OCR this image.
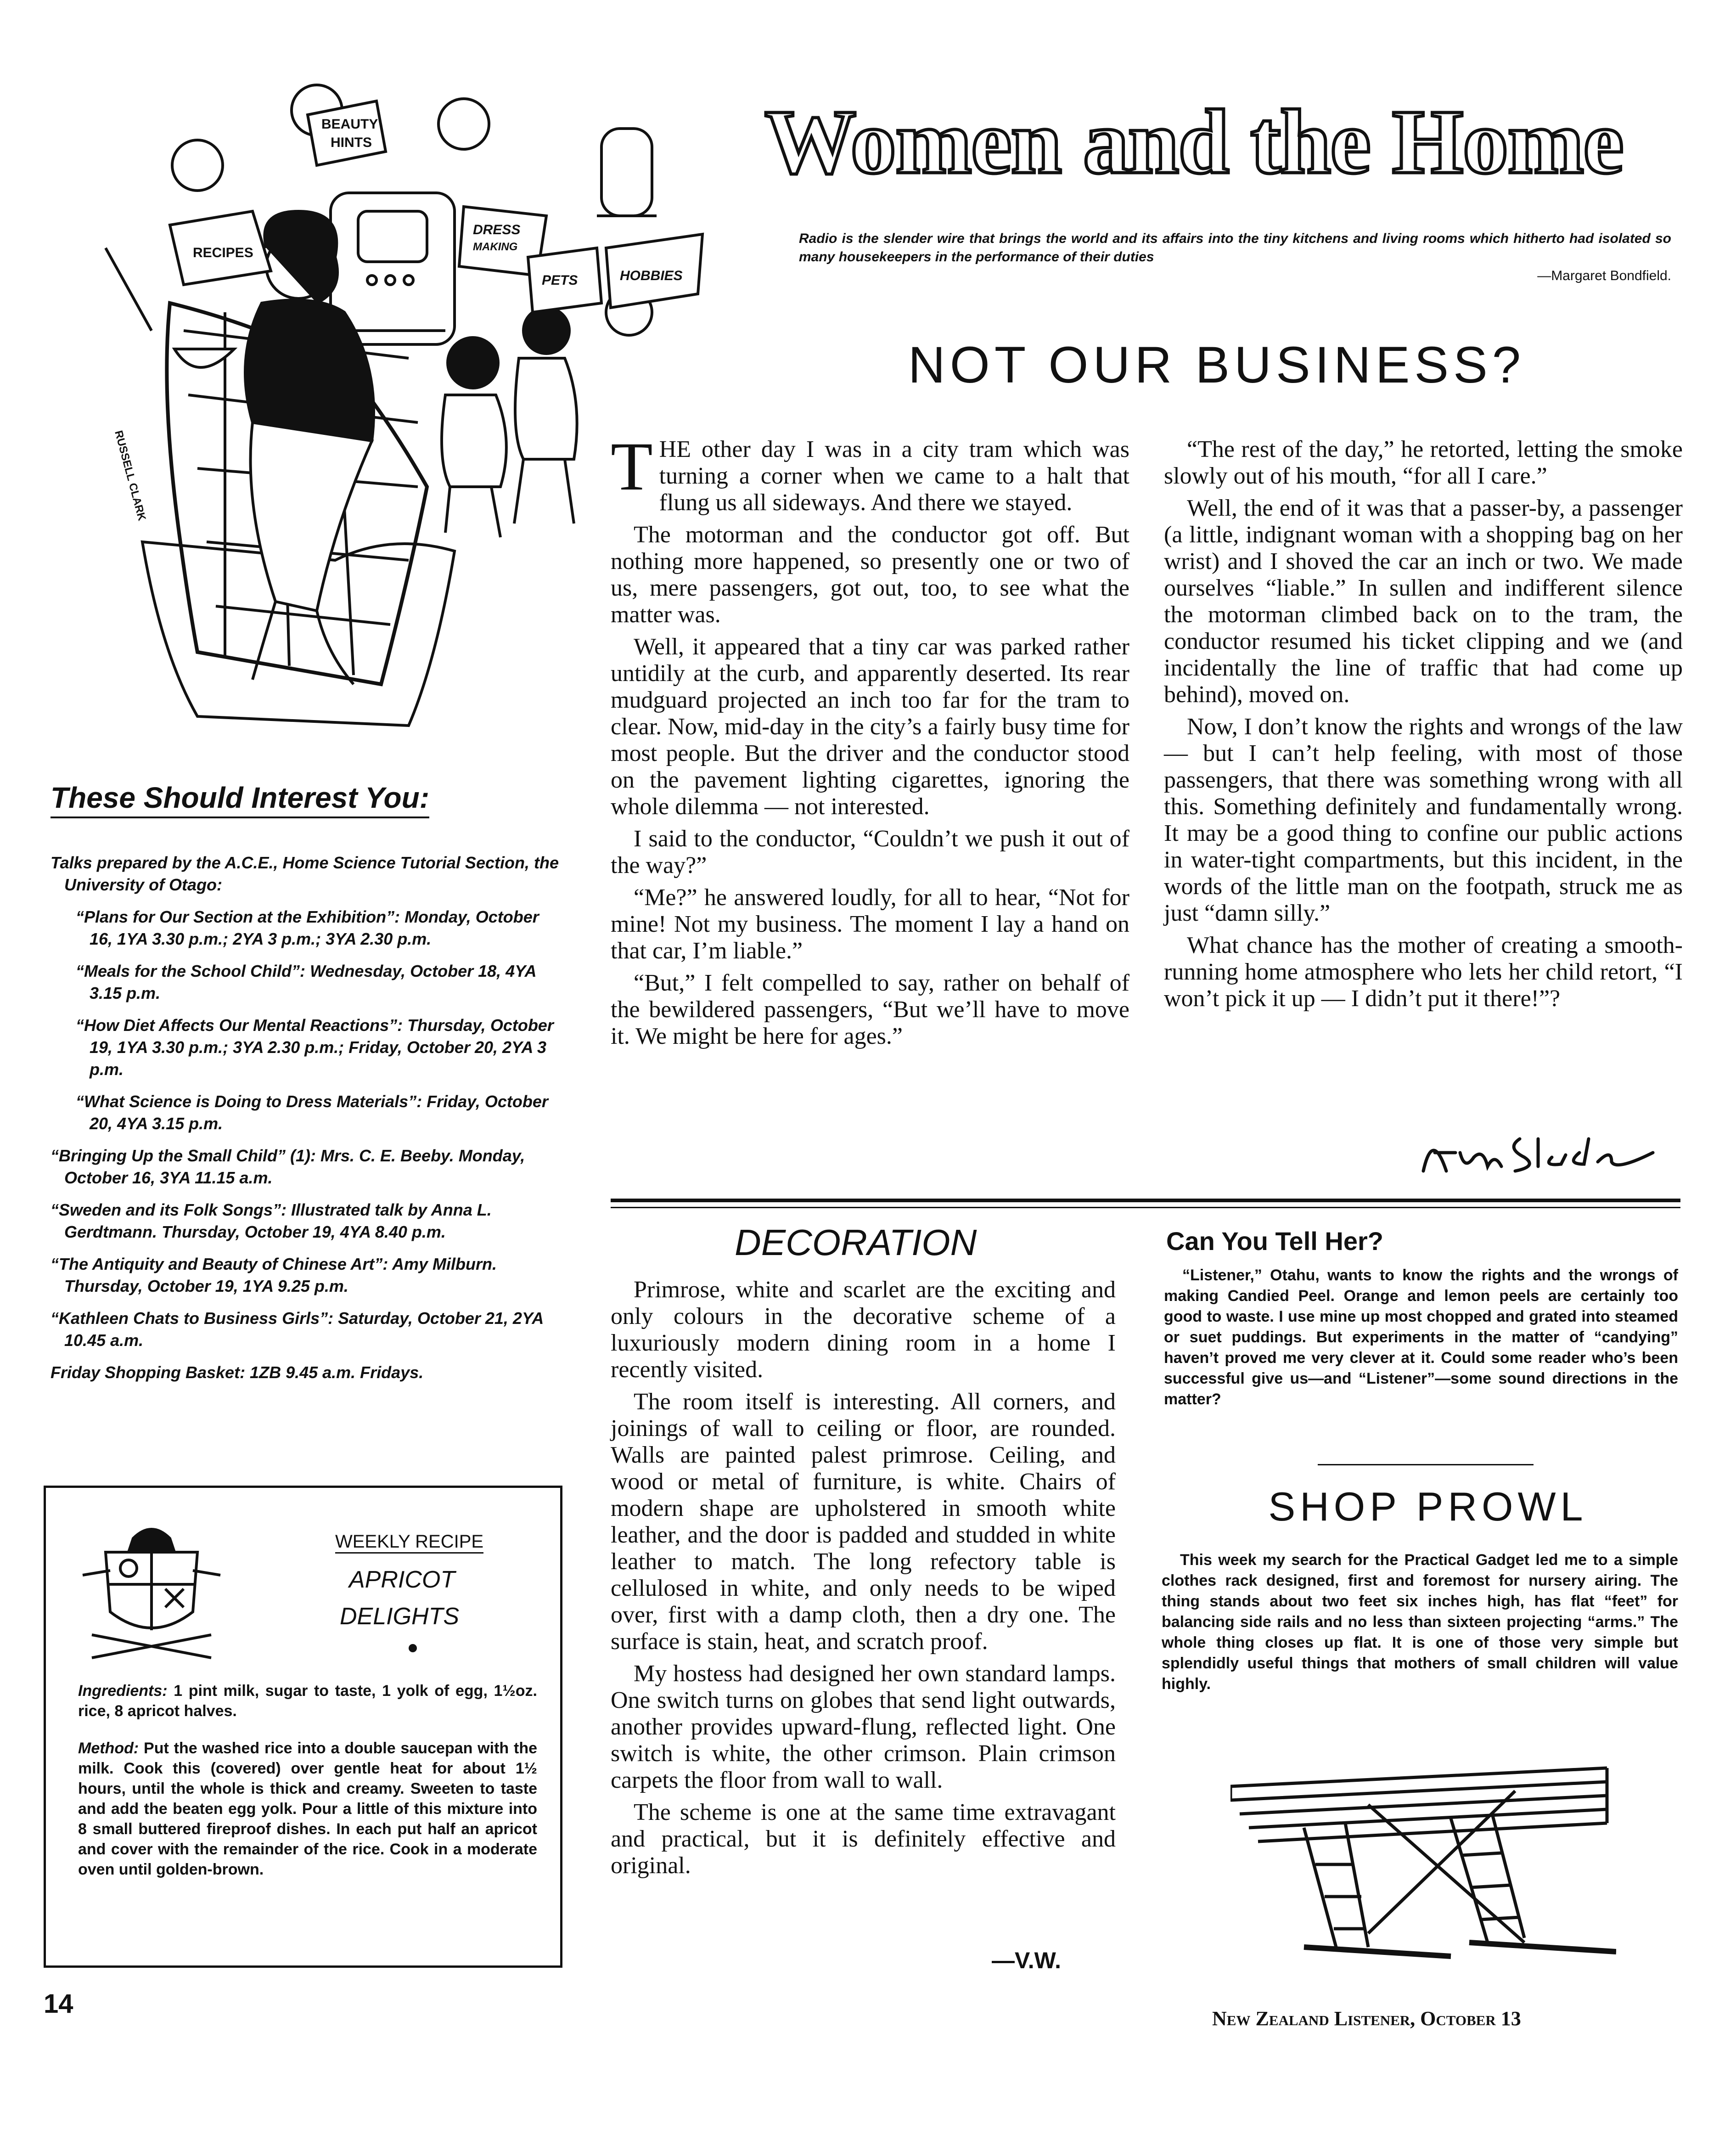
BEAUTY
HINTS
RECIPES
DRESS
MAKING
PETS	HOBBIES
RUSSELL CLARK
Women and the Home
Radio is the slender wire that brings the world and its affairs into the tiny kitchens and living rooms which hitherto had isolated so many housekeepers in the performance of their duties
—Margaret Bondfield.
NOT OUR BUSINESS?

THE other day I was in a city tram which was turning a corner when we came to a halt that flung us all sideways. And there we stayed.

The motorman and the conductor got off. But nothing more happened, so presently one or two of us, mere passengers, got out, too, to see what the matter was.

Well, it appeared that a tiny car was parked rather untidily at the curb, and apparently deserted. Its rear mudguard projected an inch too far for the tram to clear. Now, mid-day in the city’s a fairly busy time for most people. But the driver and the conductor stood on the pavement lighting cigarettes, ignoring the whole dilemma — not interested.

I said to the conductor, “Couldn’t we push it out of the way?”

“Me?” he answered loudly, for all to hear, “Not for mine! Not my business. The moment I lay a hand on that car, I’m liable.”

“But,” I felt compelled to say, rather on behalf of the bewildered passengers, “But we’ll have to move it. We might be here for ages.”

“The rest of the day,” he retorted, letting the smoke slowly out of his mouth, “for all I care.”

Well, the end of it was that a passer-by, a passenger (a little, indignant woman with a shopping bag on her wrist) and I shoved the car an inch or two. We made ourselves “liable.” In sullen and indifferent silence the motorman climbed back on to the tram, the conductor resumed his ticket clipping and we (and incidentally the line of traffic that had come up behind), moved on.

Now, I don’t know the rights and wrongs of the law — but I can’t help feeling, with most of those passengers, that there was something wrong with all this. Something definitely and fundamentally wrong. It may be a good thing to confine our public actions in water-tight compartments, but this incident, in the words of the little man on the footpath, struck me as just “damn silly.”

What chance has the mother of creating a smooth-running home atmosphere who lets her child retort, “I won’t pick it up — I didn’t put it there!”?

These Should Interest You:
Talks prepared by the A.C.E., Home Science Tutorial Section, the University of Otago:
“Plans for Our Section at the Exhibition”: Monday, October 16, 1YA 3.30 p.m.; 2YA 3 p.m.; 3YA 2.30 p.m.
“Meals for the School Child”: Wednesday, October 18, 4YA 3.15 p.m.
“How Diet Affects Our Mental Reactions”: Thursday, October 19, 1YA 3.30 p.m.; 3YA 2.30 p.m.; Friday, October 20, 2YA 3 p.m.
“What Science is Doing to Dress Materials”: Friday, October 20, 4YA 3.15 p.m.
“Bringing Up the Small Child” (1): Mrs. C. E. Beeby. Monday, October 16, 3YA 11.15 a.m.
“Sweden and its Folk Songs”: Illustrated talk by Anna L. Gerdtmann. Thursday, October 19, 4YA 8.40 p.m.
“The Antiquity and Beauty of Chinese Art”: Amy Milburn. Thursday, October 19, 1YA 9.25 p.m.
“Kathleen Chats to Business Girls”: Saturday, October 21, 2YA 10.45 a.m.
Friday Shopping Basket: 1ZB 9.45 a.m. Fridays.
WEEKLY RECIPE
APRICOT
DELIGHTS
Ingredients: 1 pint milk, sugar to taste, 1 yolk of egg, 1½oz. rice, 8 apricot halves.
Method: Put the washed rice into a double saucepan with the milk. Cook this (covered) over gentle heat for about 1½ hours, until the whole is thick and creamy. Sweeten to taste and add the beaten egg yolk. Pour a little of this mixture into 8 small buttered fireproof dishes. In each put half an apricot and cover with the remainder of the rice. Cook in a moderate oven until golden-brown.
DECORATION

Primrose, white and scarlet are the exciting and only colours in the decorative scheme of a luxuriously modern dining room in a home I recently visited.

The room itself is interesting. All corners, and joinings of wall to ceiling or floor, are rounded. Walls are painted palest primrose. Ceiling, and wood or metal of furniture, is white. Chairs of modern shape are upholstered in smooth white leather, and the door is padded and studded in white leather to match. The long refectory table is cellulosed in white, and only needs to be wiped over, first with a damp cloth, then a dry one. The surface is stain, heat, and scratch proof.

My hostess had designed her own standard lamps. One switch turns on globes that send light outwards, another provides upward-flung, reflected light. One switch is white, the other crimson. Plain crimson carpets the floor from wall to wall.

The scheme is one at the same time extravagant and practical, but it is definitely effective and original.

—V.W.
Can You Tell Her?
“Listener,” Otahu, wants to know the rights and the wrongs of making Candied Peel. Orange and lemon peels are certainly too good to waste. I use mine up most chopped and grated into steamed or suet puddings. But experiments in the matter of “candying” haven’t proved me very clever at it. Could some reader who’s been successful give us—and “Listener”—some sound directions in the matter?
SHOP PROWL
This week my search for the Practical Gadget led me to a simple clothes rack designed, first and foremost for nursery airing. The thing stands about two feet six inches high, has flat “feet” for balancing side rails and no less than sixteen projecting “arms.” The whole thing closes up flat. It is one of those very simple but splendidly useful things that mothers of small children will value highly.
14	New Zealand Listener, October 13
